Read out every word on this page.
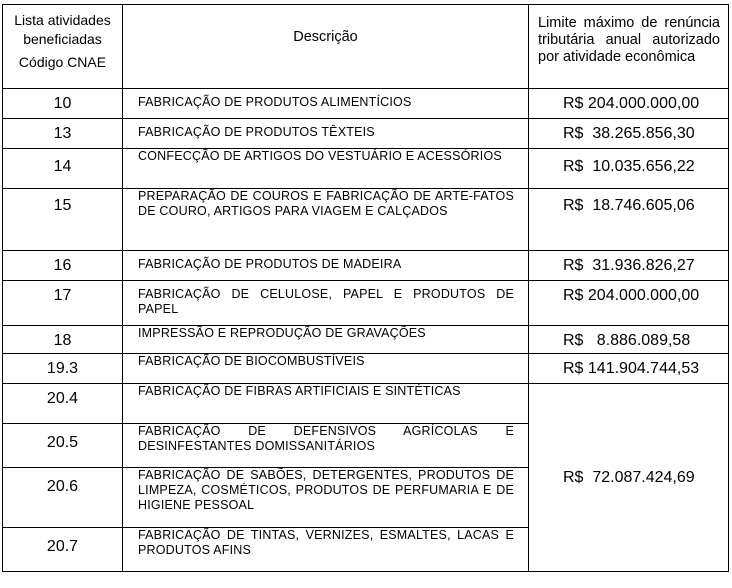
Lista atividades
beneficiadas
Código CNAE	Descrição	Limite máximo de renúncia tributária anual autorizado por atividade econômica
10	FABRICAÇÃO DE PRODUTOS ALIMENTÍCIOS	R$ 204.000.000,00
13	FABRICAÇÃO DE PRODUTOS TÊXTEIS	R$  38.265.856,30
14	CONFECÇÃO DE ARTIGOS DO VESTUÁRIO E ACESSÓRIOS	R$  10.035.656,22
15	PREPARAÇÃO DE COUROS E FABRICAÇÃO DE ARTE-FATOS DE COURO, ARTIGOS PARA VIAGEM E CALÇADOS	R$  18.746.605,06
16	FABRICAÇÃO DE PRODUTOS DE MADEIRA	R$  31.936.826,27
17	FABRICAÇÃO DE CELULOSE, PAPEL E PRODUTOS DE PAPEL	R$ 204.000.000,00
18	IMPRESSÃO E REPRODUÇÃO DE GRAVAÇÕES	R$   8.886.089,58
19.3	FABRICAÇÃO DE BIOCOMBUSTÍVEIS	R$ 141.904.744,53
20.4	FABRICAÇÃO DE FIBRAS ARTIFICIAIS E SINTÉTICAS	R$  72.087.424,69
20.5	FABRICAÇÃO DE DEFENSIVOS AGRÍCOLAS E DESINFESTANTES DOMISSANITÁRIOS	
20.6	FABRICAÇÃO DE SABÕES, DETERGENTES, PRODUTOS DE LIMPEZA, COSMÉTICOS, PRODUTOS DE PERFUMARIA E DE HIGIENE PESSOAL	
20.7	FABRICAÇÃO DE TINTAS, VERNIZES, ESMALTES, LACAS E PRODUTOS AFINS	
